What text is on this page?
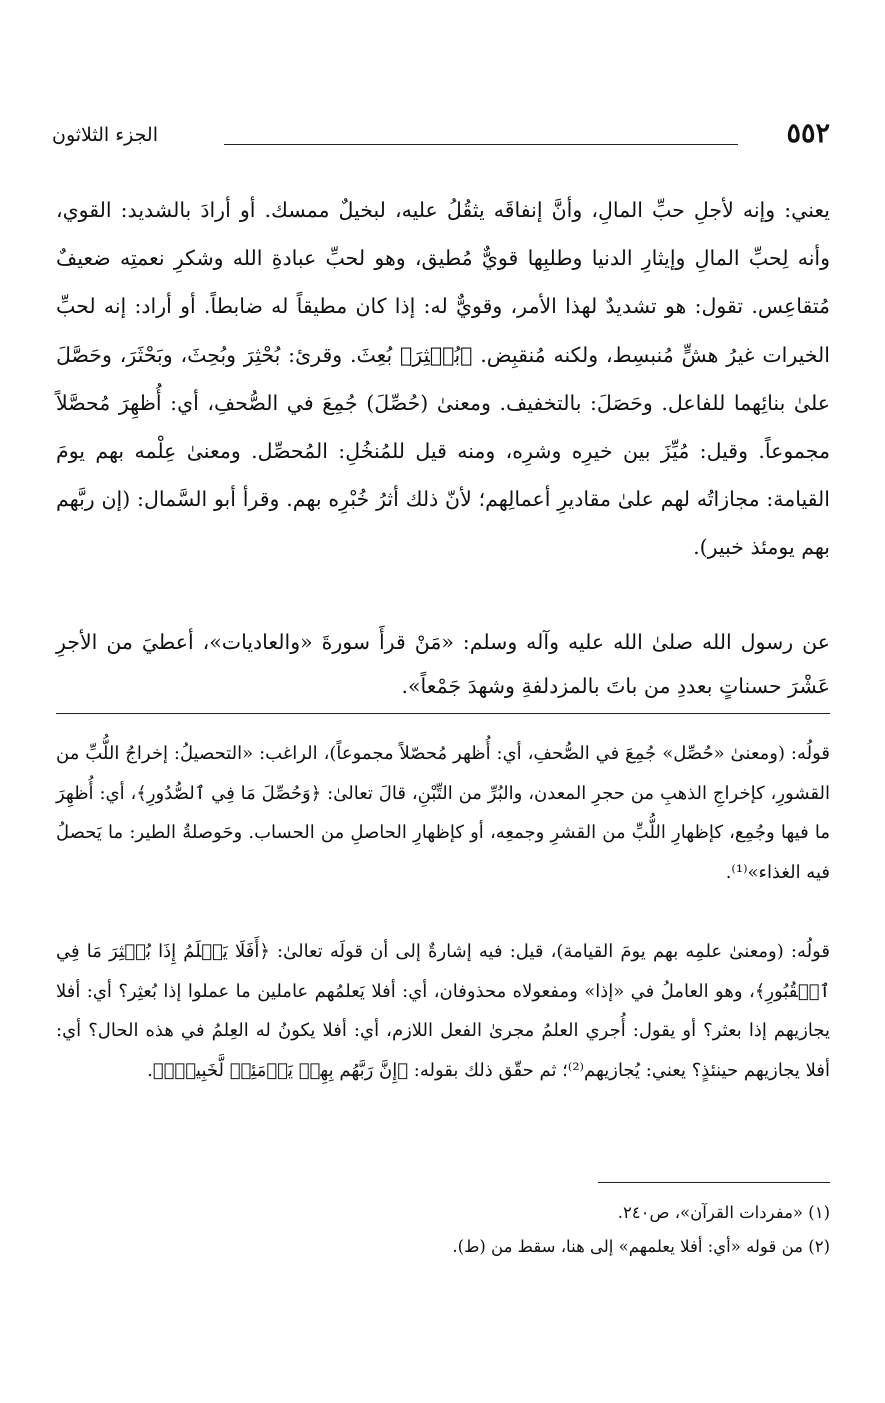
الجزء الثلاثون	٥٥٢

يعني: وإنه لأجلِ حبِّ المالِ، وأنَّ إنفاقَه يثقُلُ عليه، لبخيلٌ ممسك. أو أرادَ بالشديد: القوي، وأنه لِحبِّ المالِ وإيثارِ الدنيا وطلبِها قويٌّ مُطيق، وهو لحبِّ عبادةِ الله وشكرِ نعمتِه ضعيفٌ مُتقاعِس. تقول: هو تشديدٌ لهذا الأمر، وقويٌّ له: إذا كان مطيقاً له ضابطاً. أو أراد: إنه لحبِّ الخيرات غيرُ هشٍّ مُنبسِط، ولكنه مُنقبِض. ﴿بُعۡثِرَ﴾ بُعِثَ. وقرئ: بُحْثِرَ وبُحِثَ، وبَحْثَرَ، وحَصَّلَ علىٰ بنائِهما للفاعل. وحَصَلَ: بالتخفيف. ومعنىٰ (حُصِّلَ) جُمِعَ في الصُّحفِ، أي: أُظهِرَ مُحصَّلاً مجموعاً. وقيل: مُيِّزَ بين خيرِه وشرِه، ومنه قيل للمُنخُلِ: المُحصِّل. ومعنىٰ عِلْمه بهم يومَ القيامة: مجازاتُه لهم علىٰ مقاديرِ أعمالِهم؛ لأنّ ذلك أثرُ خُبْرِه بهم. وقرأ أبو السَّمال: (إن ربَّهم بهم يومئذ خبير).

عن رسول الله صلىٰ الله عليه وآله وسلم: «مَنْ قرأَ سورةَ «والعاديات»، أعطيَ من الأجرِ عَشْرَ حسناتٍ بعددِ من باتَ بالمزدلفةِ وشهدَ جَمْعاً».

قولُه: (ومعنىٰ «حُصِّل» جُمِعَ في الصُّحفِ، أي: أُظهر مُحصّلاً مجموعاً)، الراغب: «التحصيلُ: إخراجُ اللُّبِّ من القشورِ، كإخراجِ الذهبِ من حجرِ المعدن، والبُرِّ من التِّبْنِ، قالَ تعالىٰ: ﴿وَحُصِّلَ مَا فِي ٱلصُّدُورِ﴾، أي: أُظهِرَ ما فيها وجُمِع، كإظهارِ اللُّبِّ من القشرِ وجمعِه، أو كإظهارِ الحاصلِ من الحساب. وحَوصلةُ الطير: ما يَحصلُ فيه الغذاء»⁽¹⁾.

قولُه: (ومعنىٰ علمِه بهم يومَ القيامة)، قيل: فيه إشارةٌ إلى أن قولَه تعالىٰ: ﴿أَفَلَا يَعۡلَمُ إِذَا بُعۡثِرَ مَا فِي ٱلۡقُبُورِ﴾، وهو العاملُ في «إذا» ومفعولاه محذوفان، أي: أفلا يَعلمُهم عاملين ما عملوا إذا بُعثِر؟ أي: أفلا يجازيهم إذا بعثر؟ أو يقول: أُجري العلمُ مجرىٰ الفعل اللازم، أي: أفلا يكونُ له العِلمُ في هذه الحال؟ أي: أفلا يجازيهم حينئذٍ؟ يعني: يُجازيهم⁽²⁾؛ ثم حقّق ذلك بقوله: ﴿إِنَّ رَبَّهُم بِهِمۡ يَوۡمَئِذٖ لَّخَبِيرُۢ﴾.

(١) «مفردات القرآن»، ص٢٤٠.
(٢) من قوله «أي: أفلا يعلمهم» إلى هنا، سقط من (ط).
